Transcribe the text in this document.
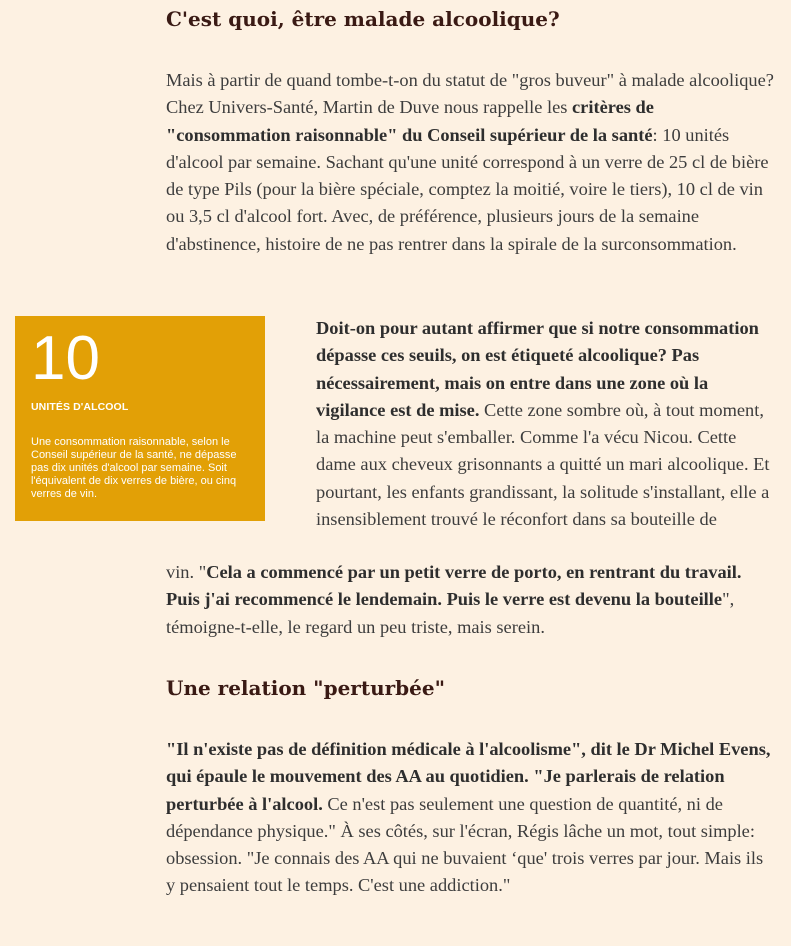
C'est quoi, être malade alcoolique?

Mais à partir de quand tombe-t-on du statut de "gros buveur" à malade alcoolique? Chez Univers-Santé, Martin de Duve nous rappelle les critères de "consommation raisonnable" du Conseil supérieur de la santé: 10 unités d'alcool par semaine. Sachant qu'une unité correspond à un verre de 25 cl de bière de type Pils (pour la bière spéciale, comptez la moitié, voire le tiers), 10 cl de vin ou 3,5 cl d'alcool fort. Avec, de préférence, plusieurs jours de la semaine d'abstinence, histoire de ne pas rentrer dans la spirale de la surconsommation.

10
UNITÉS D'ALCOOL
Une consommation raisonnable, selon le Conseil supérieur de la santé, ne dépasse pas dix unités d'alcool par semaine. Soit l'équivalent de dix verres de bière, ou cinq verres de vin.

Doit-on pour autant affirmer que si notre consommation dépasse ces seuils, on est étiqueté alcoolique? Pas nécessairement, mais on entre dans une zone où la vigilance est de mise. Cette zone sombre où, à tout moment, la machine peut s'emballer. Comme l'a vécu Nicou. Cette dame aux cheveux grisonnants a quitté un mari alcoolique. Et pourtant, les enfants grandissant, la solitude s'installant, elle a insensiblement trouvé le réconfort dans sa bouteille de

vin. "Cela a commencé par un petit verre de porto, en rentrant du travail. Puis j'ai recommencé le lendemain. Puis le verre est devenu la bouteille", témoigne-t-elle, le regard un peu triste, mais serein.

Une relation "perturbée"

"Il n'existe pas de définition médicale à l'alcoolisme", dit le Dr Michel Evens, qui épaule le mouvement des AA au quotidien. "Je parlerais de relation perturbée à l'alcool. Ce n'est pas seulement une question de quantité, ni de dépendance physique." À ses côtés, sur l'écran, Régis lâche un mot, tout simple: obsession. "Je connais des AA qui ne buvaient ‘que' trois verres par jour. Mais ils y pensaient tout le temps. C'est une addiction."
